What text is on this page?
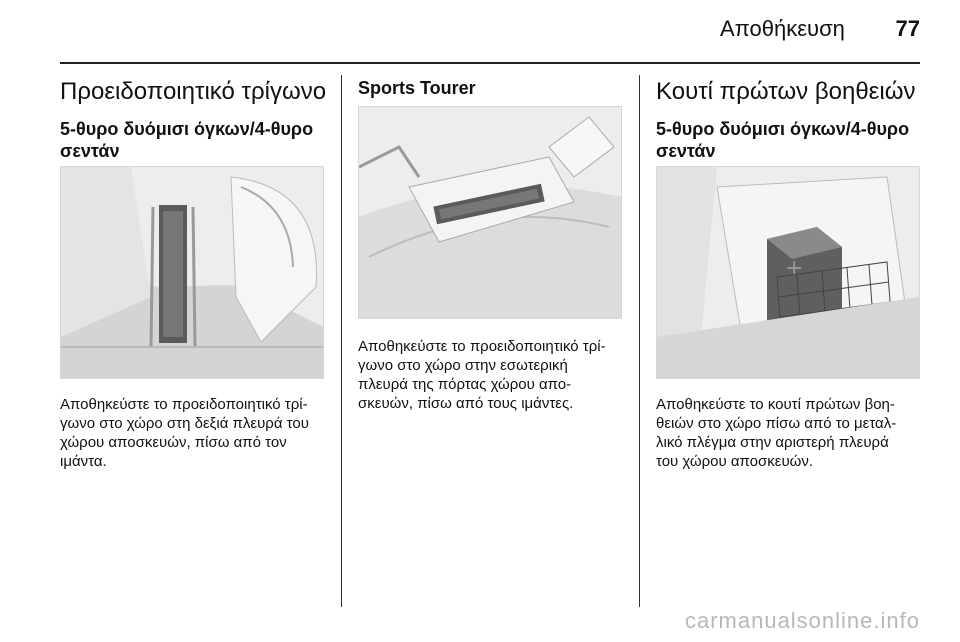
Αποθήκευση 77
Προειδοποιητικό τρίγωνο
5-θυρο δυόμισι όγκων/4-θυρο
σεντάν
Αποθηκεύστε το προειδοποιητικό τρί-
γωνο στο χώρο στη δεξιά πλευρά του
χώρου αποσκευών, πίσω από τον
ιμάντα.
Sports Tourer
Αποθηκεύστε το προειδοποιητικό τρί-
γωνο στο χώρο στην εσωτερική
πλευρά της πόρτας χώρου απο-
σκευών, πίσω από τους ιμάντες.
Κουτί πρώτων βοηθειών
5-θυρο δυόμισι όγκων/4-θυρο
σεντάν
+
Αποθηκεύστε το κουτί πρώτων βοη-
θειών στο χώρο πίσω από το μεταλ-
λικό πλέγμα στην αριστερή πλευρά
του χώρου αποσκευών.
carmanualsonline.info
